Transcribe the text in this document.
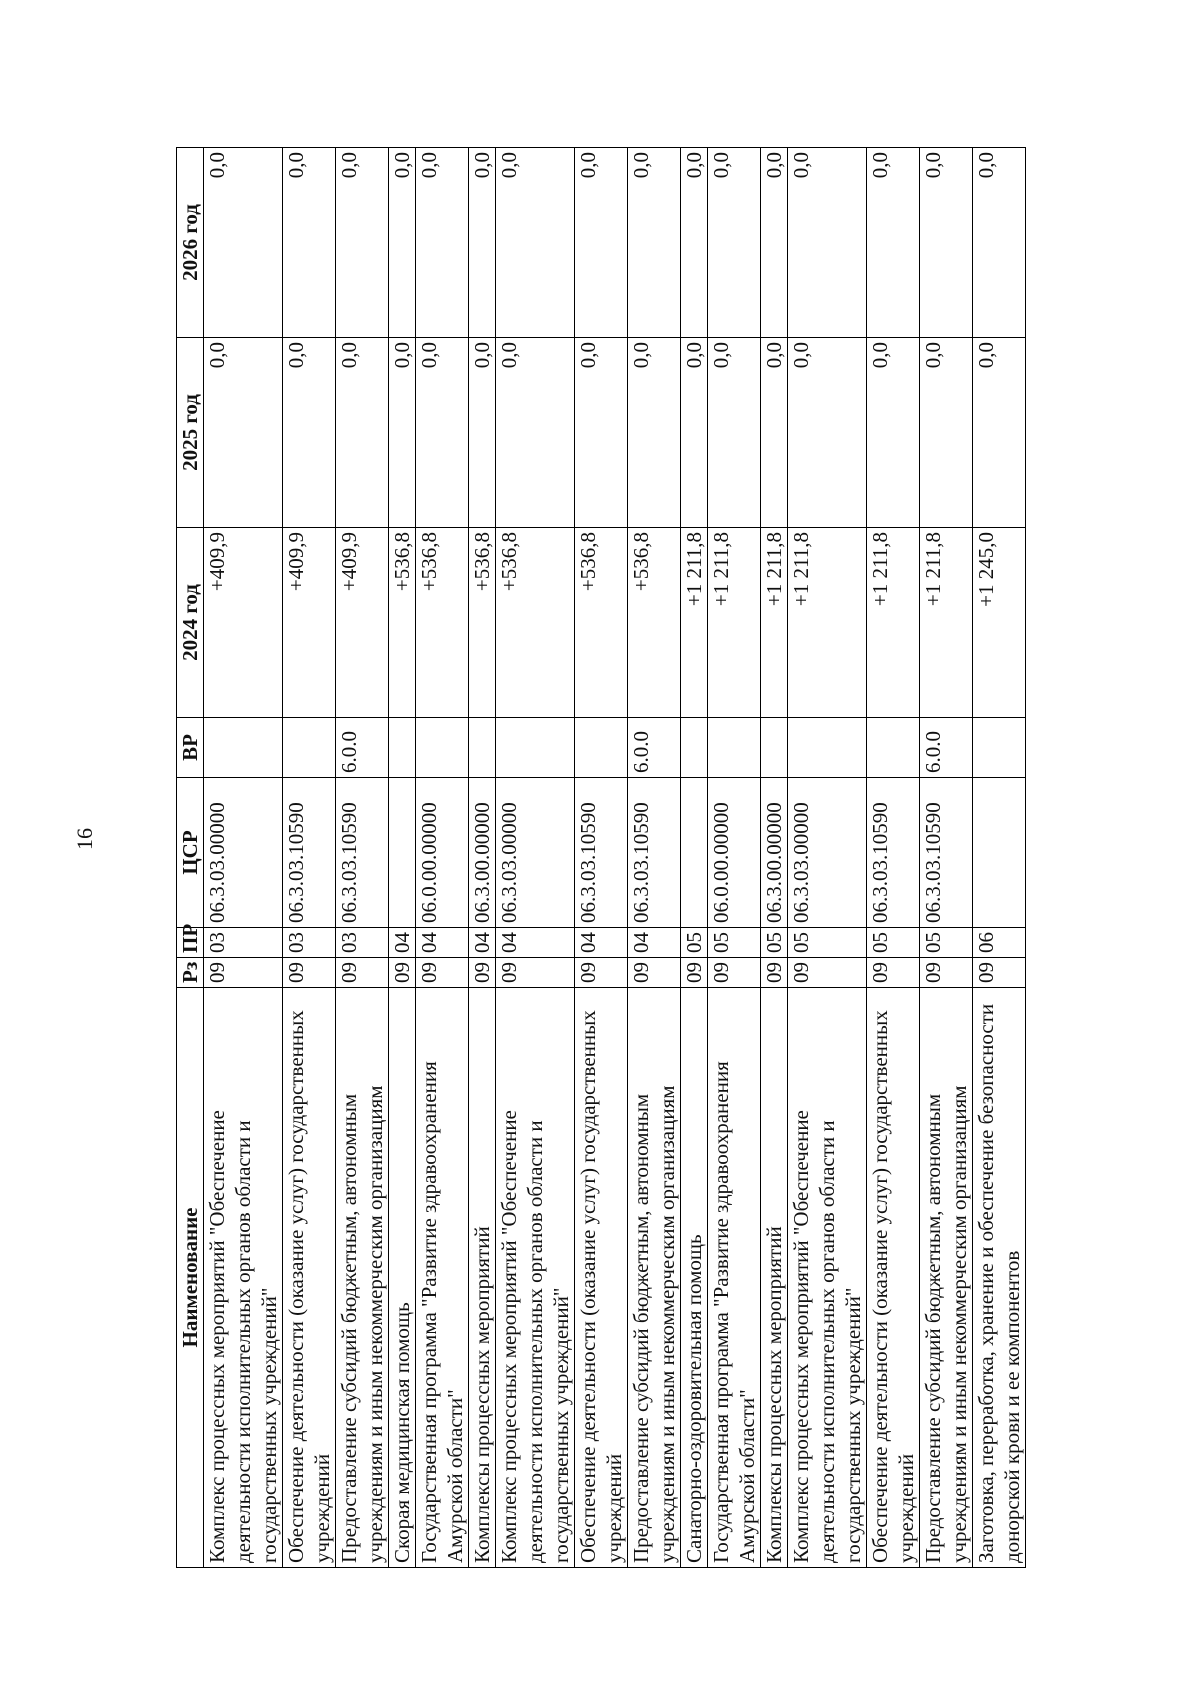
16
Наименование	Рз	ПР	ЦСР	ВР	2024 год	2025 год	2026 год
Комплекс процессных мероприятий "Обеспечение деятельности исполнительных органов области и государственных учреждений"	09	03	06.3.03.00000		+409,9	0,0	0,0
Обеспечение деятельности (оказание услуг) государственных учреждений	09	03	06.3.03.10590		+409,9	0,0	0,0
Предоставление субсидий бюджетным, автономным учреждениям и иным некоммерческим организациям	09	03	06.3.03.10590	6.0.0	+409,9	0,0	0,0
Скорая медицинская помощь	09	04			+536,8	0,0	0,0
Государственная программа "Развитие здравоохранения Амурской области"	09	04	06.0.00.00000		+536,8	0,0	0,0
Комплексы процессных мероприятий	09	04	06.3.00.00000		+536,8	0,0	0,0
Комплекс процессных мероприятий "Обеспечение деятельности исполнительных органов области и государственных учреждений"	09	04	06.3.03.00000		+536,8	0,0	0,0
Обеспечение деятельности (оказание услуг) государственных учреждений	09	04	06.3.03.10590		+536,8	0,0	0,0
Предоставление субсидий бюджетным, автономным учреждениям и иным некоммерческим организациям	09	04	06.3.03.10590	6.0.0	+536,8	0,0	0,0
Санаторно-оздоровительная помощь	09	05			+1 211,8	0,0	0,0
Государственная программа "Развитие здравоохранения Амурской области"	09	05	06.0.00.00000		+1 211,8	0,0	0,0
Комплексы процессных мероприятий	09	05	06.3.00.00000		+1 211,8	0,0	0,0
Комплекс процессных мероприятий "Обеспечение деятельности исполнительных органов области и государственных учреждений"	09	05	06.3.03.00000		+1 211,8	0,0	0,0
Обеспечение деятельности (оказание услуг) государственных учреждений	09	05	06.3.03.10590		+1 211,8	0,0	0,0
Предоставление субсидий бюджетным, автономным учреждениям и иным некоммерческим организациям	09	05	06.3.03.10590	6.0.0	+1 211,8	0,0	0,0
Заготовка, переработка, хранение и обеспечение безопасности донорской крови и ее компонентов	09	06			+1 245,0	0,0	0,0
